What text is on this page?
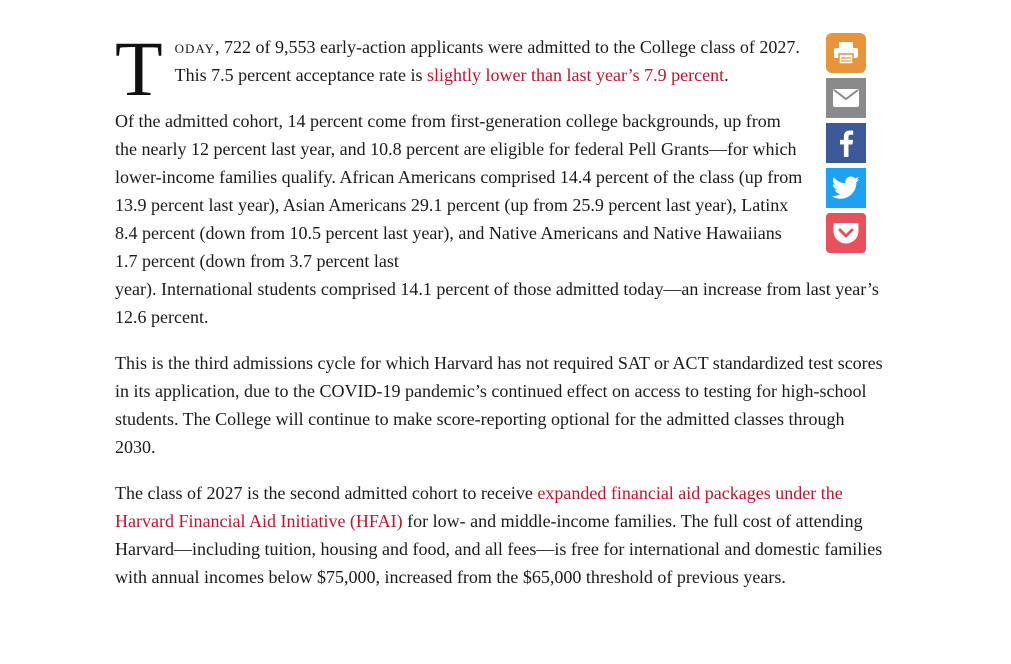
Today, 722 of 9,553 early-action applicants were admitted to the College class of 2027. This 7.5 percent acceptance rate is slightly lower than last year’s 7.9 percent.

Of the admitted cohort, 14 percent come from first-generation college backgrounds, up from the nearly 12 percent last year, and 10.8 percent are eligible for federal Pell Grants—for which lower-income families qualify. African Americans comprised 14.4 percent of the class (up from 13.9 percent last year), Asian Americans 29.1 percent (up from 25.9 percent last year), Latinx 8.4 percent (down from 10.5 percent last year), and Native Americans and Native Hawaiians 1.7 percent (down from 3.7 percent last
year). International students comprised 14.1 percent of those admitted today—an increase from last year’s 12.6 percent.

This is the third admissions cycle for which Harvard has not required SAT or ACT standardized test scores in its application, due to the COVID-19 pandemic’s continued effect on access to testing for high-school students. The College will continue to make score-reporting optional for the admitted classes through 2030.

The class of 2027 is the second admitted cohort to receive expanded financial aid packages under the Harvard Financial Aid Initiative (HFAI) for low- and middle-income families. The full cost of attending Harvard—including tuition, housing and food, and all fees—is free for international and domestic families with annual incomes below $75,000, increased from the $65,000 threshold of previous years.
